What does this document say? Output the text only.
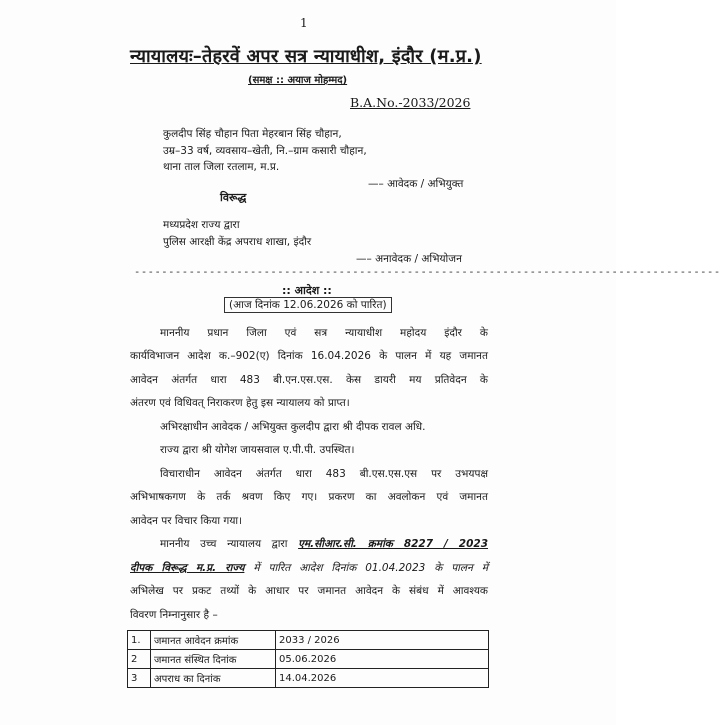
1
न्यायालयः–तेहरवें अपर सत्र न्यायाधीश, इंदौर (म.प्र.)
(समक्ष :: अयाज मोहम्मद)
B.A.No.-2033/2026
कुलदीप सिंह चौहान पिता मेहरबान सिंह चौहान,
उम्र–33 वर्ष, व्यवसाय–खेती, नि.–ग्राम कसारी चौहान,
थाना ताल जिला रतलाम, म.प्र.
—– आवेदक / अभियुक्त
विरूद्ध
मध्यप्रदेश राज्य द्वारा
पुलिस आरक्षी केंद्र अपराध शाखा, इंदौर
—– अनावेदक / अभियोजन
--------------------------------------------------------------------------------------
:: आदेश ::
(आज दिनांक 12.06.2026 को पारित)
माननीय प्रधान जिला एवं सत्र न्यायाधीश महोदय इंदौर के
कार्यविभाजन आदेश क.–902(ए) दिनांक 16.04.2026 के पालन में यह जमानत
आवेदन अंतर्गत धारा 483 बी.एन.एस.एस. केस डायरी मय प्रतिवेदन के
अंतरण एवं विधिवत् निराकरण हेतु इस न्यायालय को प्राप्त।
अभिरक्षाधीन आवेदक / अभियुक्त कुलदीप द्वारा श्री दीपक रावल अधि.
राज्य द्वारा श्री योगेश जायसवाल ए.पी.पी. उपस्थित।
विचाराधीन आवेदन अंतर्गत धारा 483 बी.एस.एस.एस पर उभयपक्ष
अभिभाषकगण के तर्क श्रवण किए गए। प्रकरण का अवलोकन एवं जमानत
आवेदन पर विचार किया गया।
माननीय उच्च न्यायालय द्वारा एम.सीआर.सी. क्रमांक 8227 / 2023
दीपक विरूद्ध म.प्र. राज्य में पारित आदेश दिनांक 01.04.2023 के पालन में
अभिलेख पर प्रकट तथ्यों के आधार पर जमानत आवेदन के संबंध में आवश्यक
विवरण निम्नानुसार है –
1.	जमानत आवेदन क्रमांक	2033 / 2026
2	जमानत संस्थित दिनांक	05.06.2026
3	अपराध का दिनांक	14.04.2026
